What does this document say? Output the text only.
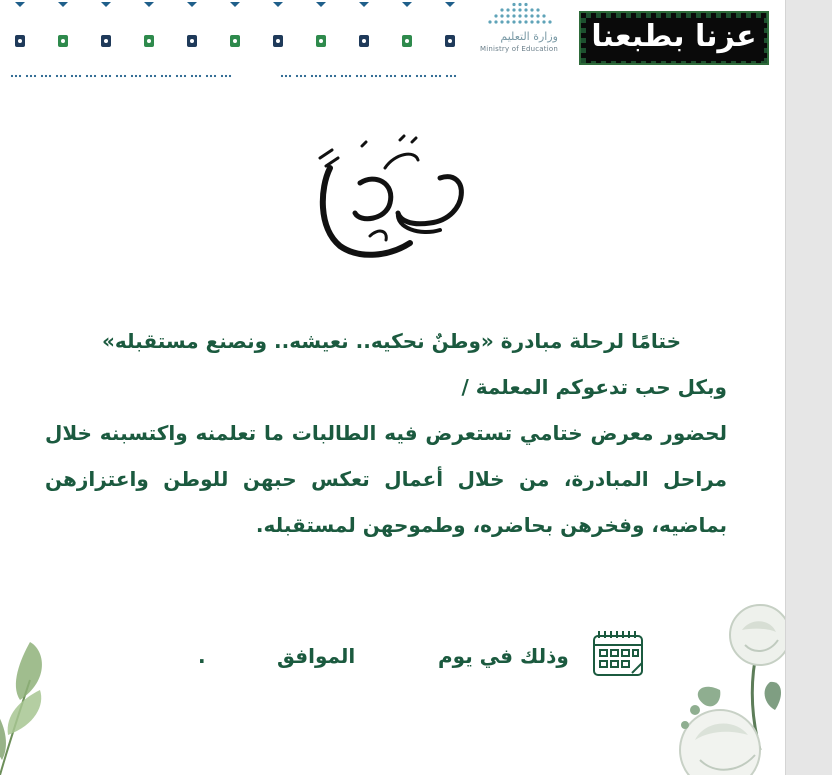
وزارة التعليم
Ministry of Education	عزنا بطبعنا
دعوة

ختامًا لرحلة مبادرة «وطنٌ نحكيه.. نعيشه.. ونصنع مستقبله»

وبكل حب تدعوكم المعلمة /

لحضور معرض ختامي تستعرض فيه الطالبات ما تعلمنه واكتسبنه خلال مراحل المبادرة، من خلال أعمال تعكس حبهن للوطن واعتزازهن بماضيه، وفخرهن بحاضره، وطموحهن لمستقبله.

وذلك في يوم
الموافق
.
